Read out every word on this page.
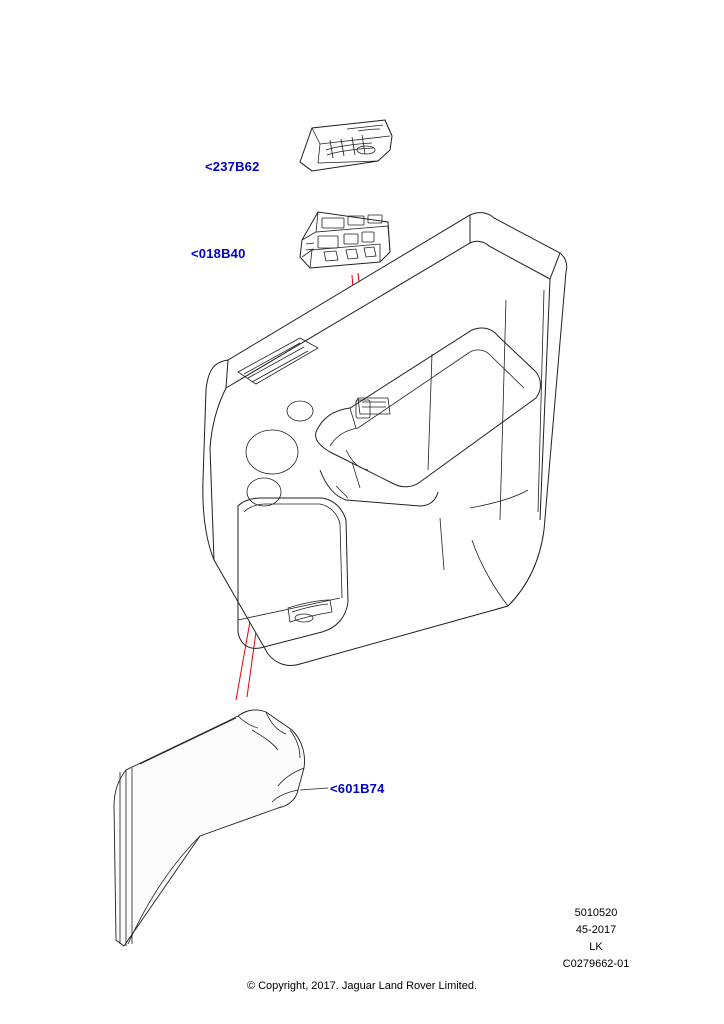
<237B62
<018B40
<601B74
5010520
45-2017
LK
C0279662-01
© Copyright, 2017. Jaguar Land Rover Limited.
